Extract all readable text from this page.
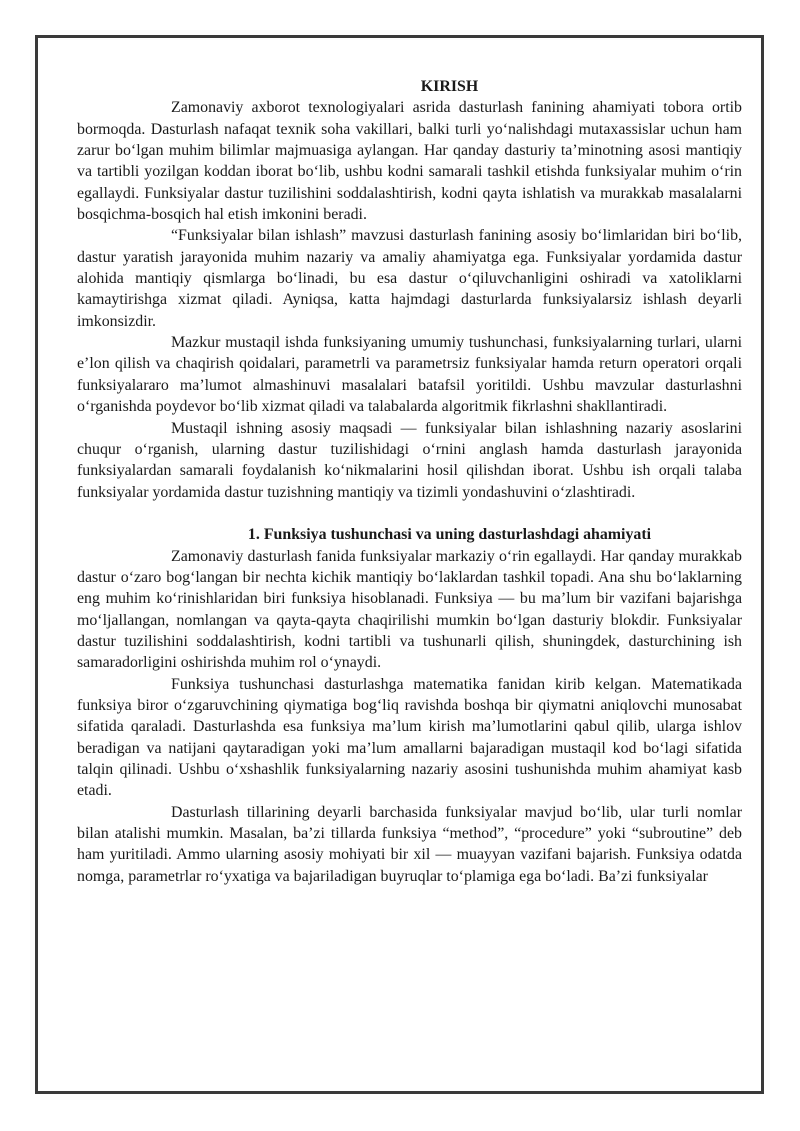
KIRISH

Zamonaviy axborot texnologiyalari asrida dasturlash fanining ahamiyati tobora ortib bormoqda. Dasturlash nafaqat texnik soha vakillari, balki turli yo‘nalishdagi mutaxassislar uchun ham zarur bo‘lgan muhim bilimlar majmuasiga aylangan. Har qanday dasturiy ta’minotning asosi mantiqiy va tartibli yozilgan koddan iborat bo‘lib, ushbu kodni samarali tashkil etishda funksiyalar muhim o‘rin egallaydi. Funksiyalar dastur tuzilishini soddalashtirish, kodni qayta ishlatish va murakkab masalalarni bosqichma-bosqich hal etish imkonini beradi.

“Funksiyalar bilan ishlash” mavzusi dasturlash fanining asosiy bo‘limlaridan biri bo‘lib, dastur yaratish jarayonida muhim nazariy va amaliy ahamiyatga ega. Funksiyalar yordamida dastur alohida mantiqiy qismlarga bo‘linadi, bu esa dastur o‘qiluvchanligini oshiradi va xatoliklarni kamaytirishga xizmat qiladi. Ayniqsa, katta hajmdagi dasturlarda funksiyalarsiz ishlash deyarli imkonsizdir.

Mazkur mustaqil ishda funksiyaning umumiy tushunchasi, funksiyalarning turlari, ularni e’lon qilish va chaqirish qoidalari, parametrli va parametrsiz funksiyalar hamda return operatori orqali funksiyalararo ma’lumot almashinuvi masalalari batafsil yoritildi. Ushbu mavzular dasturlashni o‘rganishda poydevor bo‘lib xizmat qiladi va talabalarda algoritmik fikrlashni shakllantiradi.

Mustaqil ishning asosiy maqsadi — funksiyalar bilan ishlashning nazariy asoslarini chuqur o‘rganish, ularning dastur tuzilishidagi o‘rnini anglash hamda dasturlash jarayonida funksiyalardan samarali foydalanish ko‘nikmalarini hosil qilishdan iborat. Ushbu ish orqali talaba funksiyalar yordamida dastur tuzishning mantiqiy va tizimli yondashuvini o‘zlashtiradi.

1. Funksiya tushunchasi va uning dasturlashdagi ahamiyati

Zamonaviy dasturlash fanida funksiyalar markaziy o‘rin egallaydi. Har qanday murakkab dastur o‘zaro bog‘langan bir nechta kichik mantiqiy bo‘laklardan tashkil topadi. Ana shu bo‘laklarning eng muhim ko‘rinishlaridan biri funksiya hisoblanadi. Funksiya — bu ma’lum bir vazifani bajarishga mo‘ljallangan, nomlangan va qayta-qayta chaqirilishi mumkin bo‘lgan dasturiy blokdir. Funksiyalar dastur tuzilishini soddalashtirish, kodni tartibli va tushunarli qilish, shuningdek, dasturchining ish samaradorligini oshirishda muhim rol o‘ynaydi.

Funksiya tushunchasi dasturlashga matematika fanidan kirib kelgan. Matematikada funksiya biror o‘zgaruvchining qiymatiga bog‘liq ravishda boshqa bir qiymatni aniqlovchi munosabat sifatida qaraladi. Dasturlashda esa funksiya ma’lum kirish ma’lumotlarini qabul qilib, ularga ishlov beradigan va natijani qaytaradigan yoki ma’lum amallarni bajaradigan mustaqil kod bo‘lagi sifatida talqin qilinadi. Ushbu o‘xshashlik funksiyalarning nazariy asosini tushunishda muhim ahamiyat kasb etadi.

Dasturlash tillarining deyarli barchasida funksiyalar mavjud bo‘lib, ular turli nomlar bilan atalishi mumkin. Masalan, ba’zi tillarda funksiya “method”, “procedure” yoki “subroutine” deb ham yuritiladi. Ammo ularning asosiy mohiyati bir xil — muayyan vazifani bajarish. Funksiya odatda nomga, parametrlar ro‘yxatiga va bajariladigan buyruqlar to‘plamiga ega bo‘ladi. Ba’zi funksiyalar
